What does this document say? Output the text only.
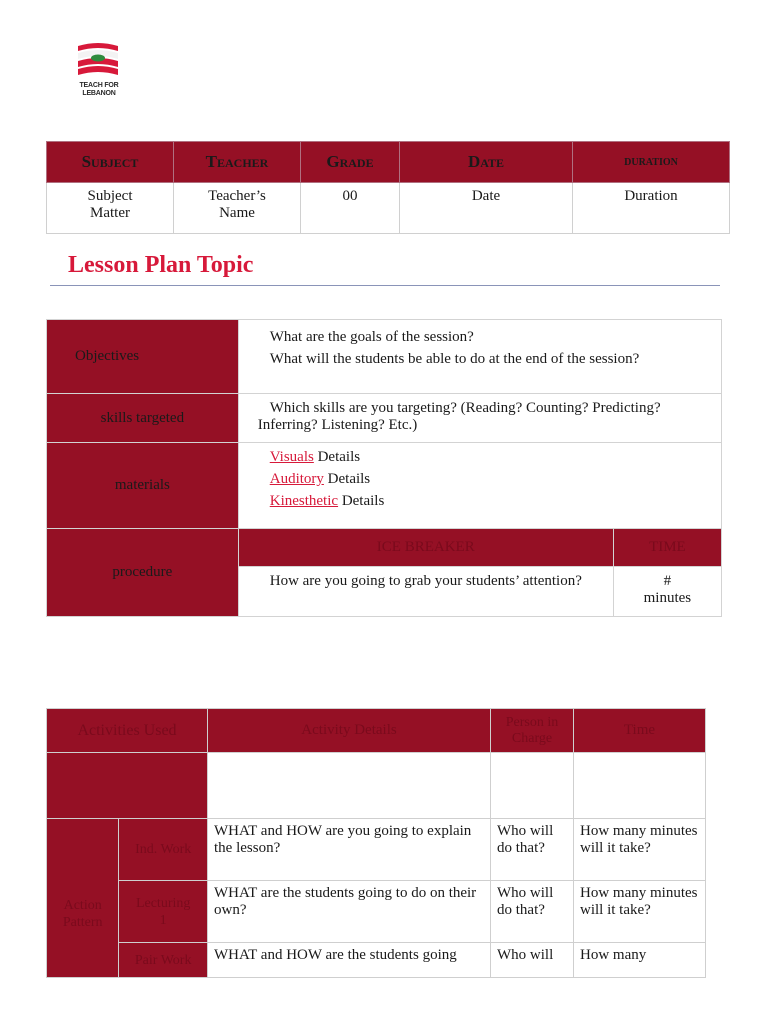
TEACH FOR
LEBANON
Subject	Teacher	Grade	Date	duration

Subject Matter	Teacher’s Name	00	Date	Duration
Lesson Plan Topic
Objectives	What are the goals of the session?
What will the students be able to do at the end of the session?	

skills targeted	Which skills are you targeting? (Reading? Counting? Predicting? Inferring? Listening? Etc.)	

materials	Visuals Details
Auditory Details
Kinesthetic Details	

procedure	ICE BREAKER	TIME

	How are you going to grab your students’ attention?	# minutes
Activities Used		Activity Details	Person in Charge	Time

Action Pattern	Ind. Work	WHAT and HOW are you going to explain the lesson?	Who will do that?	How many minutes will it take?

	Lecturing 1	WHAT are the students going to do on their own?	Who will do that?	How many minutes will it take?
	Pair Work	WHAT and HOW are the students going	Who will	How many
